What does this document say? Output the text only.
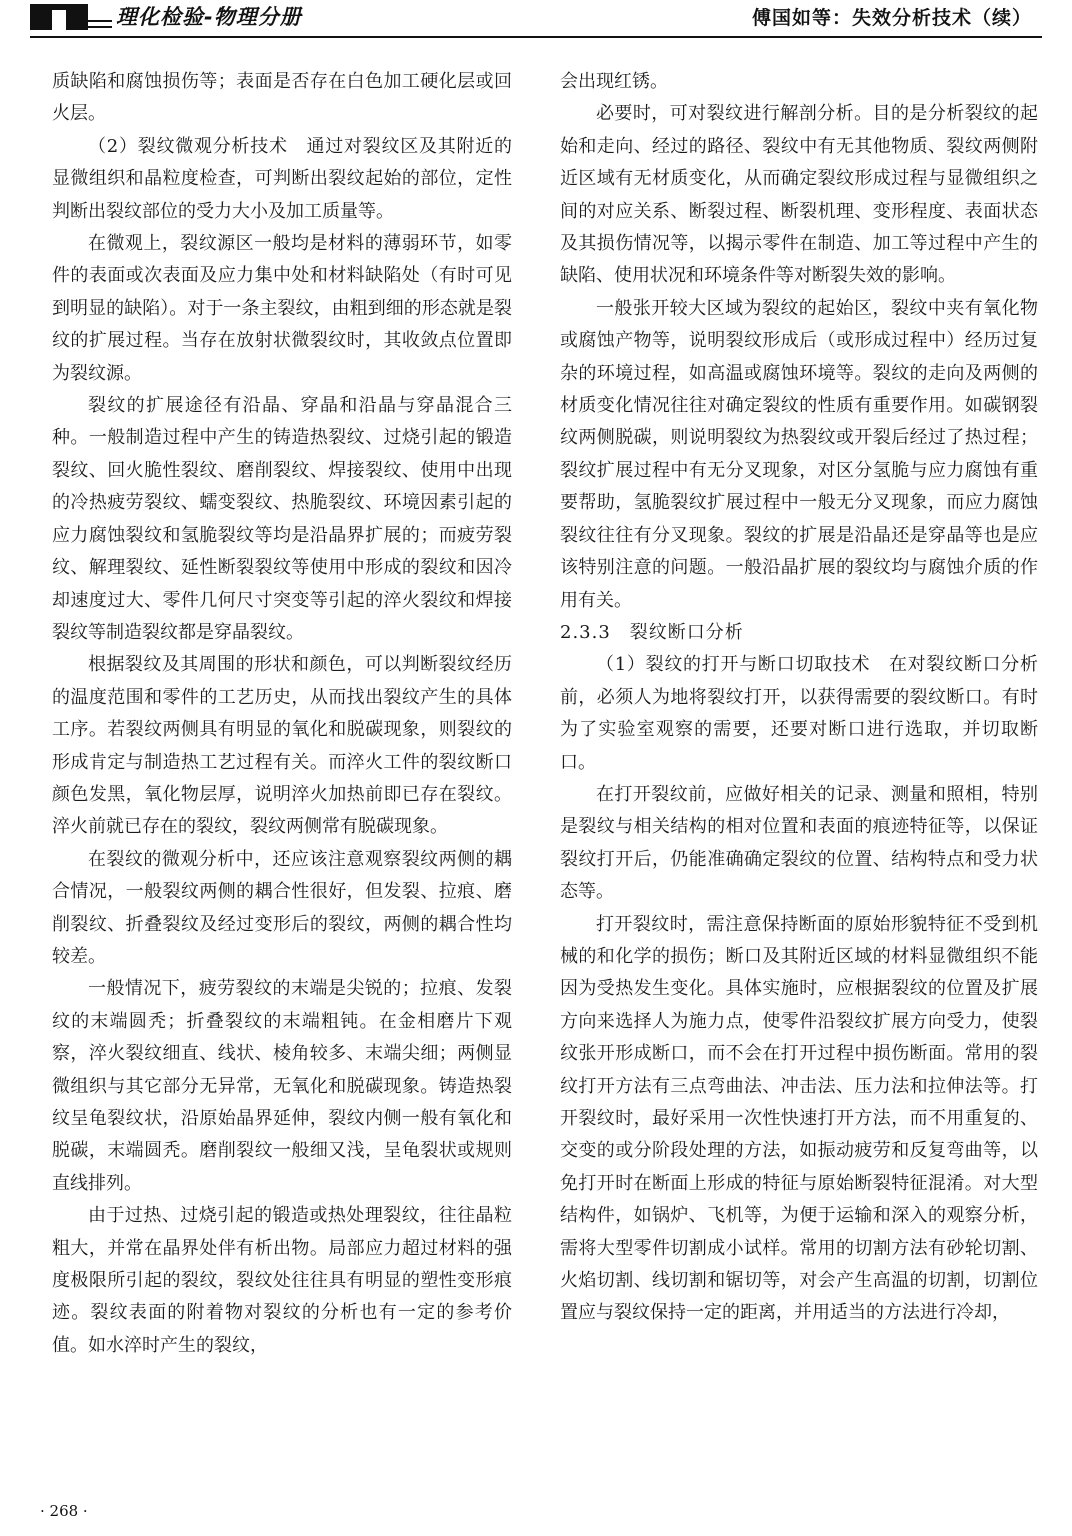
理化检验-物理分册	傅国如等：失效分析技术（续）

质缺陷和腐蚀损伤等；表面是否存在白色加工硬化层或回火层。

（2）裂纹微观分析技术　通过对裂纹区及其附近的显微组织和晶粒度检查，可判断出裂纹起始的部位，定性判断出裂纹部位的受力大小及加工质量等。

在微观上，裂纹源区一般均是材料的薄弱环节，如零件的表面或次表面及应力集中处和材料缺陷处（有时可见到明显的缺陷）。对于一条主裂纹，由粗到细的形态就是裂纹的扩展过程。当存在放射状微裂纹时，其收敛点位置即为裂纹源。

裂纹的扩展途径有沿晶、穿晶和沿晶与穿晶混合三种。一般制造过程中产生的铸造热裂纹、过烧引起的锻造裂纹、回火脆性裂纹、磨削裂纹、焊接裂纹、使用中出现的冷热疲劳裂纹、蠕变裂纹、热脆裂纹、环境因素引起的应力腐蚀裂纹和氢脆裂纹等均是沿晶界扩展的；而疲劳裂纹、解理裂纹、延性断裂裂纹等使用中形成的裂纹和因冷却速度过大、零件几何尺寸突变等引起的淬火裂纹和焊接裂纹等制造裂纹都是穿晶裂纹。

根据裂纹及其周围的形状和颜色，可以判断裂纹经历的温度范围和零件的工艺历史，从而找出裂纹产生的具体工序。若裂纹两侧具有明显的氧化和脱碳现象，则裂纹的形成肯定与制造热工艺过程有关。而淬火工件的裂纹断口颜色发黑，氧化物层厚，说明淬火加热前即已存在裂纹。淬火前就已存在的裂纹，裂纹两侧常有脱碳现象。

在裂纹的微观分析中，还应该注意观察裂纹两侧的耦合情况，一般裂纹两侧的耦合性很好，但发裂、拉痕、磨削裂纹、折叠裂纹及经过变形后的裂纹，两侧的耦合性均较差。

一般情况下，疲劳裂纹的末端是尖锐的；拉痕、发裂纹的末端圆秃；折叠裂纹的末端粗钝。在金相磨片下观察，淬火裂纹细直、线状、棱角较多、末端尖细；两侧显微组织与其它部分无异常，无氧化和脱碳现象。铸造热裂纹呈龟裂纹状，沿原始晶界延伸，裂纹内侧一般有氧化和脱碳，末端圆秃。磨削裂纹一般细又浅，呈龟裂状或规则直线排列。

由于过热、过烧引起的锻造或热处理裂纹，往往晶粒粗大，并常在晶界处伴有析出物。局部应力超过材料的强度极限所引起的裂纹，裂纹处往往具有明显的塑性变形痕迹。裂纹表面的附着物对裂纹的分析也有一定的参考价值。如水淬时产生的裂纹，

会出现红锈。

必要时，可对裂纹进行解剖分析。目的是分析裂纹的起始和走向、经过的路径、裂纹中有无其他物质、裂纹两侧附近区域有无材质变化，从而确定裂纹形成过程与显微组织之间的对应关系、断裂过程、断裂机理、变形程度、表面状态及其损伤情况等，以揭示零件在制造、加工等过程中产生的缺陷、使用状况和环境条件等对断裂失效的影响。

一般张开较大区域为裂纹的起始区，裂纹中夹有氧化物或腐蚀产物等，说明裂纹形成后（或形成过程中）经历过复杂的环境过程，如高温或腐蚀环境等。裂纹的走向及两侧的材质变化情况往往对确定裂纹的性质有重要作用。如碳钢裂纹两侧脱碳，则说明裂纹为热裂纹或开裂后经过了热过程；裂纹扩展过程中有无分叉现象，对区分氢脆与应力腐蚀有重要帮助，氢脆裂纹扩展过程中一般无分叉现象，而应力腐蚀裂纹往往有分叉现象。裂纹的扩展是沿晶还是穿晶等也是应该特别注意的问题。一般沿晶扩展的裂纹均与腐蚀介质的作用有关。

2.3.3　裂纹断口分析

（1）裂纹的打开与断口切取技术　在对裂纹断口分析前，必须人为地将裂纹打开，以获得需要的裂纹断口。有时为了实验室观察的需要，还要对断口进行选取，并切取断口。

在打开裂纹前，应做好相关的记录、测量和照相，特别是裂纹与相关结构的相对位置和表面的痕迹特征等，以保证裂纹打开后，仍能准确确定裂纹的位置、结构特点和受力状态等。

打开裂纹时，需注意保持断面的原始形貌特征不受到机械的和化学的损伤；断口及其附近区域的材料显微组织不能因为受热发生变化。具体实施时，应根据裂纹的位置及扩展方向来选择人为施力点，使零件沿裂纹扩展方向受力，使裂纹张开形成断口，而不会在打开过程中损伤断面。常用的裂纹打开方法有三点弯曲法、冲击法、压力法和拉伸法等。打开裂纹时，最好采用一次性快速打开方法，而不用重复的、交变的或分阶段处理的方法，如振动疲劳和反复弯曲等，以免打开时在断面上形成的特征与原始断裂特征混淆。对大型结构件，如锅炉、飞机等，为便于运输和深入的观察分析，需将大型零件切割成小试样。常用的切割方法有砂轮切割、火焰切割、线切割和锯切等，对会产生高温的切割，切割位置应与裂纹保持一定的距离，并用适当的方法进行冷却，

· 268 ·
